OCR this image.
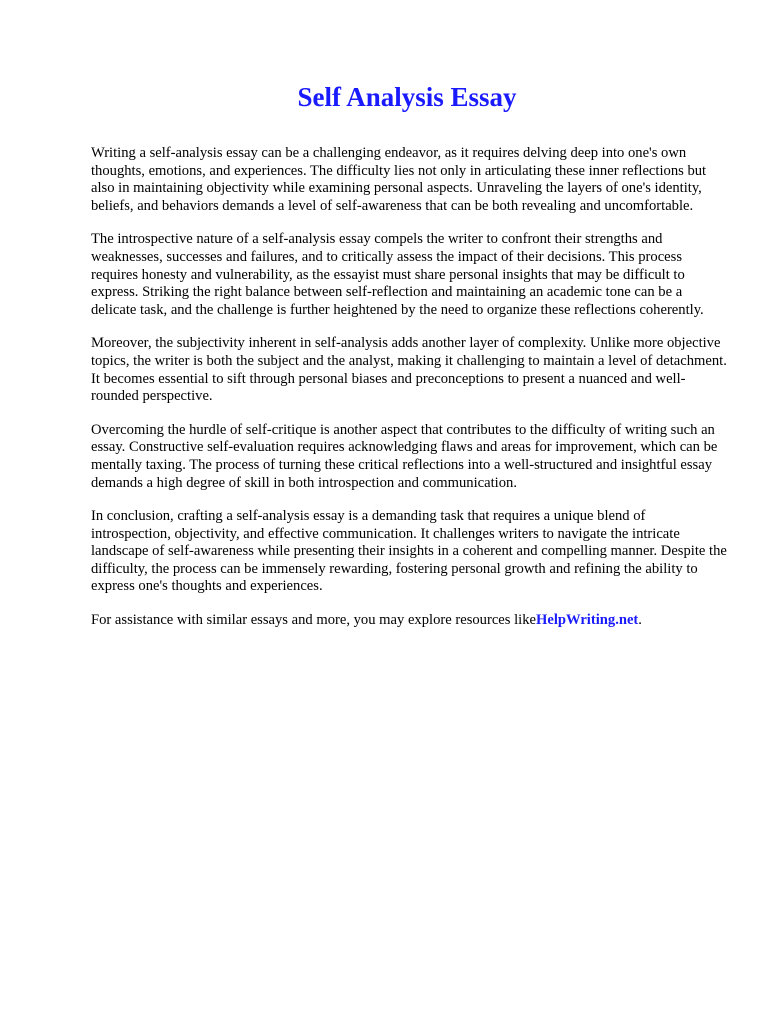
Self Analysis Essay

Writing a self-analysis essay can be a challenging endeavor, as it requires delving deep into one's own thoughts, emotions, and experiences. The difficulty lies not only in articulating these inner reflections but also in maintaining objectivity while examining personal aspects. Unraveling the layers of one's identity, beliefs, and behaviors demands a level of self-awareness that can be both revealing and uncomfortable.

The introspective nature of a self-analysis essay compels the writer to confront their strengths and weaknesses, successes and failures, and to critically assess the impact of their decisions. This process requires honesty and vulnerability, as the essayist must share personal insights that may be difficult to express. Striking the right balance between self-reflection and maintaining an academic tone can be a delicate task, and the challenge is further heightened by the need to organize these reflections coherently.

Moreover, the subjectivity inherent in self-analysis adds another layer of complexity. Unlike more objective topics, the writer is both the subject and the analyst, making it challenging to maintain a level of detachment. It becomes essential to sift through personal biases and preconceptions to present a nuanced and well-rounded perspective.

Overcoming the hurdle of self-critique is another aspect that contributes to the difficulty of writing such an essay. Constructive self-evaluation requires acknowledging flaws and areas for improvement, which can be mentally taxing. The process of turning these critical reflections into a well-structured and insightful essay demands a high degree of skill in both introspection and communication.

In conclusion, crafting a self-analysis essay is a demanding task that requires a unique blend of introspection, objectivity, and effective communication. It challenges writers to navigate the intricate landscape of self-awareness while presenting their insights in a coherent and compelling manner. Despite the difficulty, the process can be immensely rewarding, fostering personal growth and refining the ability to express one's thoughts and experiences.

For assistance with similar essays and more, you may explore resources likeHelpWriting.net.
